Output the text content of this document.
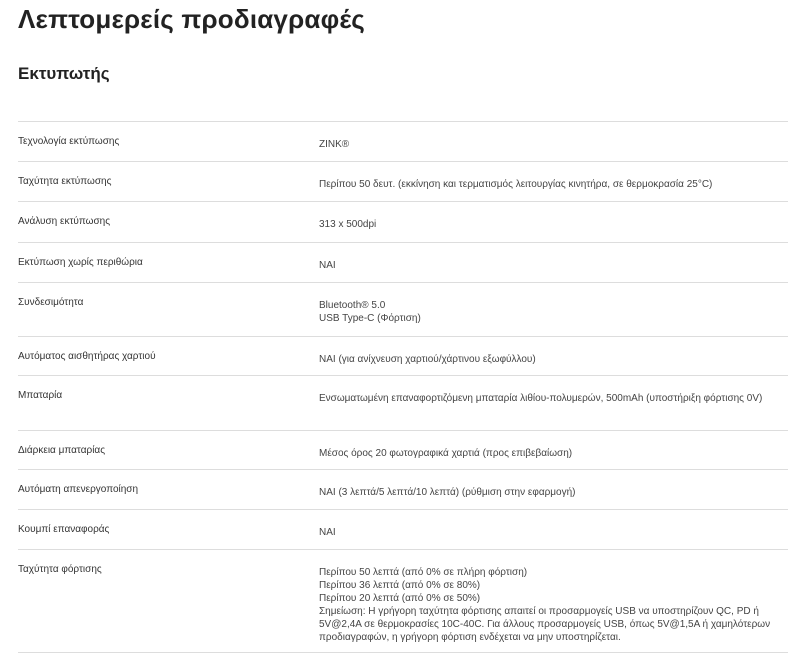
Λεπτομερείς προδιαγραφές
Εκτυπωτής
Τεχνολογία εκτύπωσης	ZINK®
Ταχύτητα εκτύπωσης	Περίπου 50 δευτ. (εκκίνηση και τερματισμός λειτουργίας κινητήρα, σε θερμοκρασία 25°C)
Ανάλυση εκτύπωσης	313 x 500dpi
Εκτύπωση χωρίς περιθώρια	ΝΑΙ
Συνδεσιμότητα	Bluetooth® 5.0
USB Type-C (Φόρτιση)
Αυτόματος αισθητήρας χαρτιού	ΝΑΙ (για ανίχνευση χαρτιού/χάρτινου εξωφύλλου)
Μπαταρία	Ενσωματωμένη επαναφορτιζόμενη μπαταρία λιθίου-πολυμερών, 500mAh (υποστήριξη φόρτισης 0V)
Διάρκεια μπαταρίας	Μέσος όρος 20 φωτογραφικά χαρτιά (προς επιβεβαίωση)
Αυτόματη απενεργοποίηση	ΝΑΙ (3 λεπτά/5 λεπτά/10 λεπτά) (ρύθμιση στην εφαρμογή)
Κουμπί επαναφοράς	ΝΑΙ
Ταχύτητα φόρτισης	Περίπου 50 λεπτά (από 0% σε πλήρη φόρτιση)
Περίπου 36 λεπτά (από 0% σε 80%)
Περίπου 20 λεπτά (από 0% σε 50%)
Σημείωση: Η γρήγορη ταχύτητα φόρτισης απαιτεί οι προσαρμογείς USB να υποστηρίζουν QC, PD ή 5V@2,4A σε θερμοκρασίες 10C-40C. Για άλλους προσαρμογείς USB, όπως 5V@1,5A ή χαμηλότερων προδιαγραφών, η γρήγορη φόρτιση ενδέχεται να μην υποστηρίζεται.
